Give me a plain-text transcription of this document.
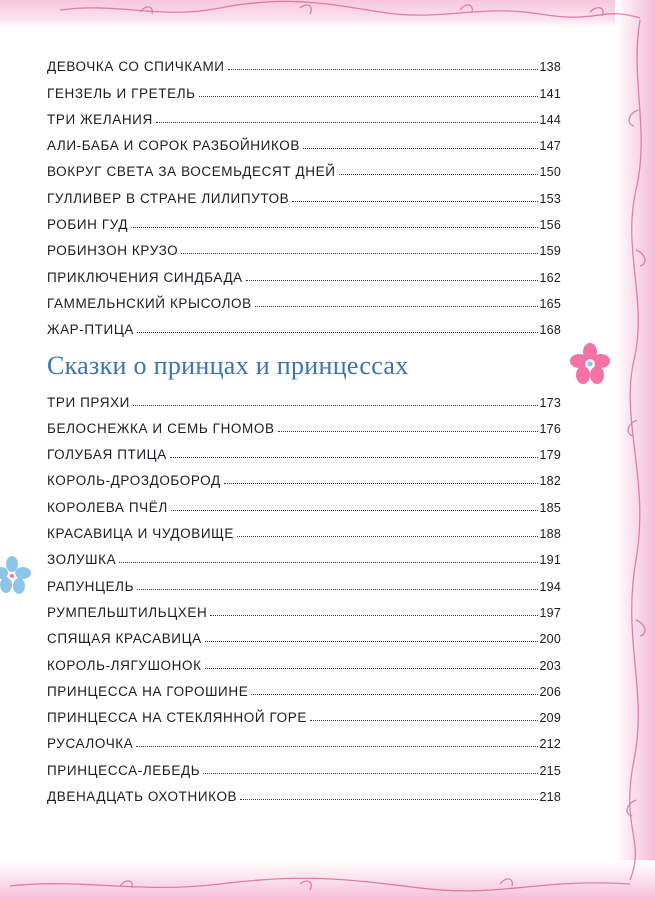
ДЕВОЧКА СО СПИЧКАМИ	138
ГЕНЗЕЛЬ И ГРЕТЕЛЬ	141
ТРИ ЖЕЛАНИЯ	144
АЛИ-БАБА И СОРОК РАЗБОЙНИКОВ	147
ВОКРУГ СВЕТА ЗА ВОСЕМЬДЕСЯТ ДНЕЙ	150
ГУЛЛИВЕР В СТРАНЕ ЛИЛИПУТОВ	153
РОБИН ГУД	156
РОБИНЗОН КРУЗО	159
ПРИКЛЮЧЕНИЯ СИНДБАДА	162
ГАММЕЛЬНСКИЙ КРЫСОЛОВ	165
ЖАР-ПТИЦА	168
Сказки о принцах и принцессах
ТРИ ПРЯХИ	173
БЕЛОСНЕЖКА И СЕМЬ ГНОМОВ	176
ГОЛУБАЯ ПТИЦА	179
КОРОЛЬ-ДРОЗДОБОРОД	182
КОРОЛЕВА ПЧЁЛ	185
КРАСАВИЦА И ЧУДОВИЩЕ	188
ЗОЛУШКА	191
РАПУНЦЕЛЬ	194
РУМПЕЛЬШТИЛЬЦХЕН	197
СПЯЩАЯ КРАСАВИЦА	200
КОРОЛЬ-ЛЯГУШОНОК	203
ПРИНЦЕССА НА ГОРОШИНЕ	206
ПРИНЦЕССА НА СТЕКЛЯННОЙ ГОРЕ	209
РУСАЛОЧКА	212
ПРИНЦЕССА-ЛЕБЕДЬ	215
ДВЕНАДЦАТЬ ОХОТНИКОВ	218
